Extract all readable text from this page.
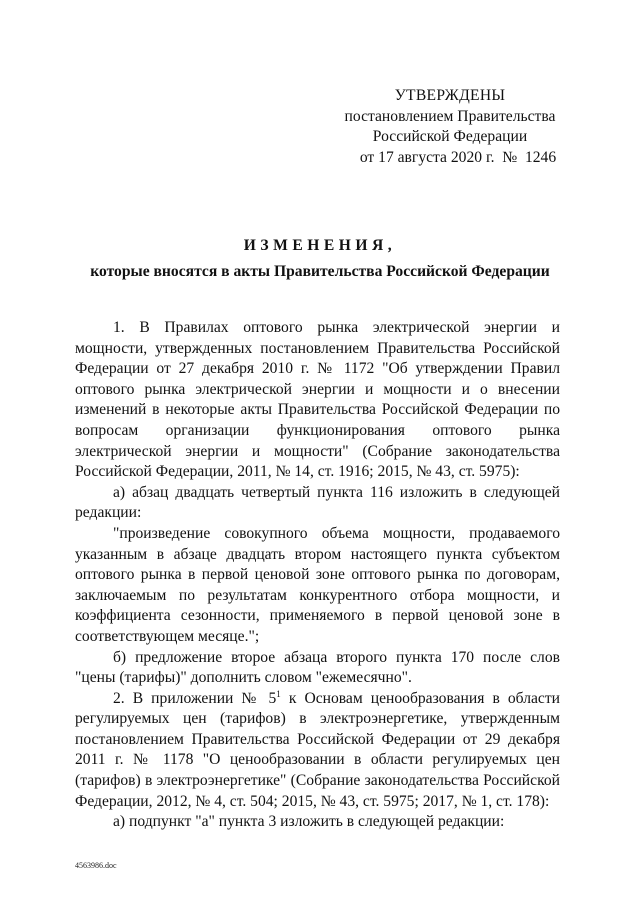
УТВЕРЖДЕНЫ
постановлением Правительства
Российской Федерации
от 17 августа 2020 г.  №  1246
ИЗМЕНЕНИЯ,
которые вносятся в акты Правительства Российской Федерации

1. В Правилах оптового рынка электрической энергии и мощности, утвержденных постановлением Правительства Российской Федерации от 27 декабря 2010 г. № 1172 "Об утверждении Правил оптового рынка электрической энергии и мощности и о внесении изменений в некоторые акты Правительства Российской Федерации по вопросам организации функционирования оптового рынка электрической энергии и мощности" (Собрание законодательства Российской Федерации, 2011, № 14, ст. 1916; 2015, № 43, ст. 5975):

а) абзац двадцать четвертый пункта 116 изложить в следующей редакции:

"произведение совокупного объема мощности, продаваемого указанным в абзаце двадцать втором настоящего пункта субъектом оптового рынка в первой ценовой зоне оптового рынка по договорам, заключаемым по результатам конкурентного отбора мощности, и коэффициента сезонности, применяемого в первой ценовой зоне в соответствующем месяце.";

б) предложение второе абзаца второго пункта 170 после слов "цены (тарифы)" дополнить словом "ежемесячно".

2. В приложении № $5^1$ к Основам ценообразования в области регулируемых цен (тарифов) в электроэнергетике, утвержденным постановлением Правительства Российской Федерации от 29 декабря 2011 г. № 1178 "О ценообразовании в области регулируемых цен (тарифов) в электроэнергетике" (Собрание законодательства Российской Федерации, 2012, № 4, ст. 504; 2015, № 43, ст. 5975; 2017, № 1, ст. 178):

а) подпункт "а" пункта 3 изложить в следующей редакции:

4563986.doc
